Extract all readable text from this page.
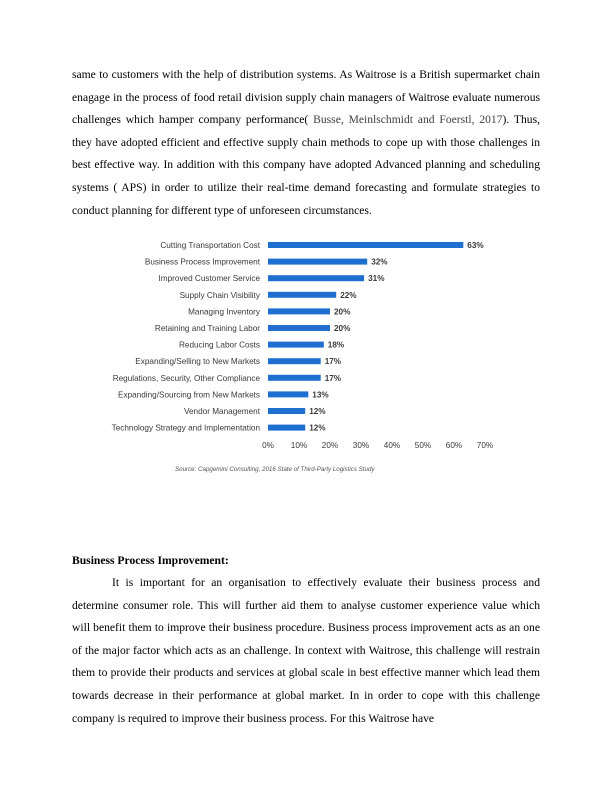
same to customers with the help of distribution systems. As Waitrose is a British supermarket chain enagage in the process of food retail division supply chain managers of Waitrose evaluate numerous challenges which hamper company performance( Busse, Meinlschmidt and Foerstl, 2017). Thus, they have adopted efficient and effective supply chain methods to cope up with those challenges in best effective way. In addition with this company have adopted Advanced planning and scheduling systems ( APS) in order to utilize their real-time demand forecasting and formulate strategies to conduct planning for different type of unforeseen circumstances.

Cutting Transportation Cost	63%
Business Process Improvement	32%
Improved Customer Service	31%
Supply Chain Visibility	22%
Managing Inventory	20%
Retaining and Training Labor	20%
Reducing Labor Costs	18%
Expanding/Selling to New Markets	17%
Regulations, Security, Other Compliance	17%
Expanding/Sourcing from New Markets	13%
Vendor Management	12%
Technology Strategy and Implementation	12%
0% 10% 20% 30% 40% 50% 60% 70%
Source: Capgemini Consulting, 2016 State of Third-Party Logistics Study

Business Process Improvement:

It is important for an organisation to effectively evaluate their business process and determine consumer role. This will further aid them to analyse customer experience value which will benefit them to improve their business procedure. Business process improvement acts as an one of the major factor which acts as an challenge. In context with Waitrose, this challenge will restrain them to provide their products and services at global scale in best effective manner which lead them towards decrease in their performance at global market. In in order to cope with this challenge company is required to improve their business process. For this Waitrose have
